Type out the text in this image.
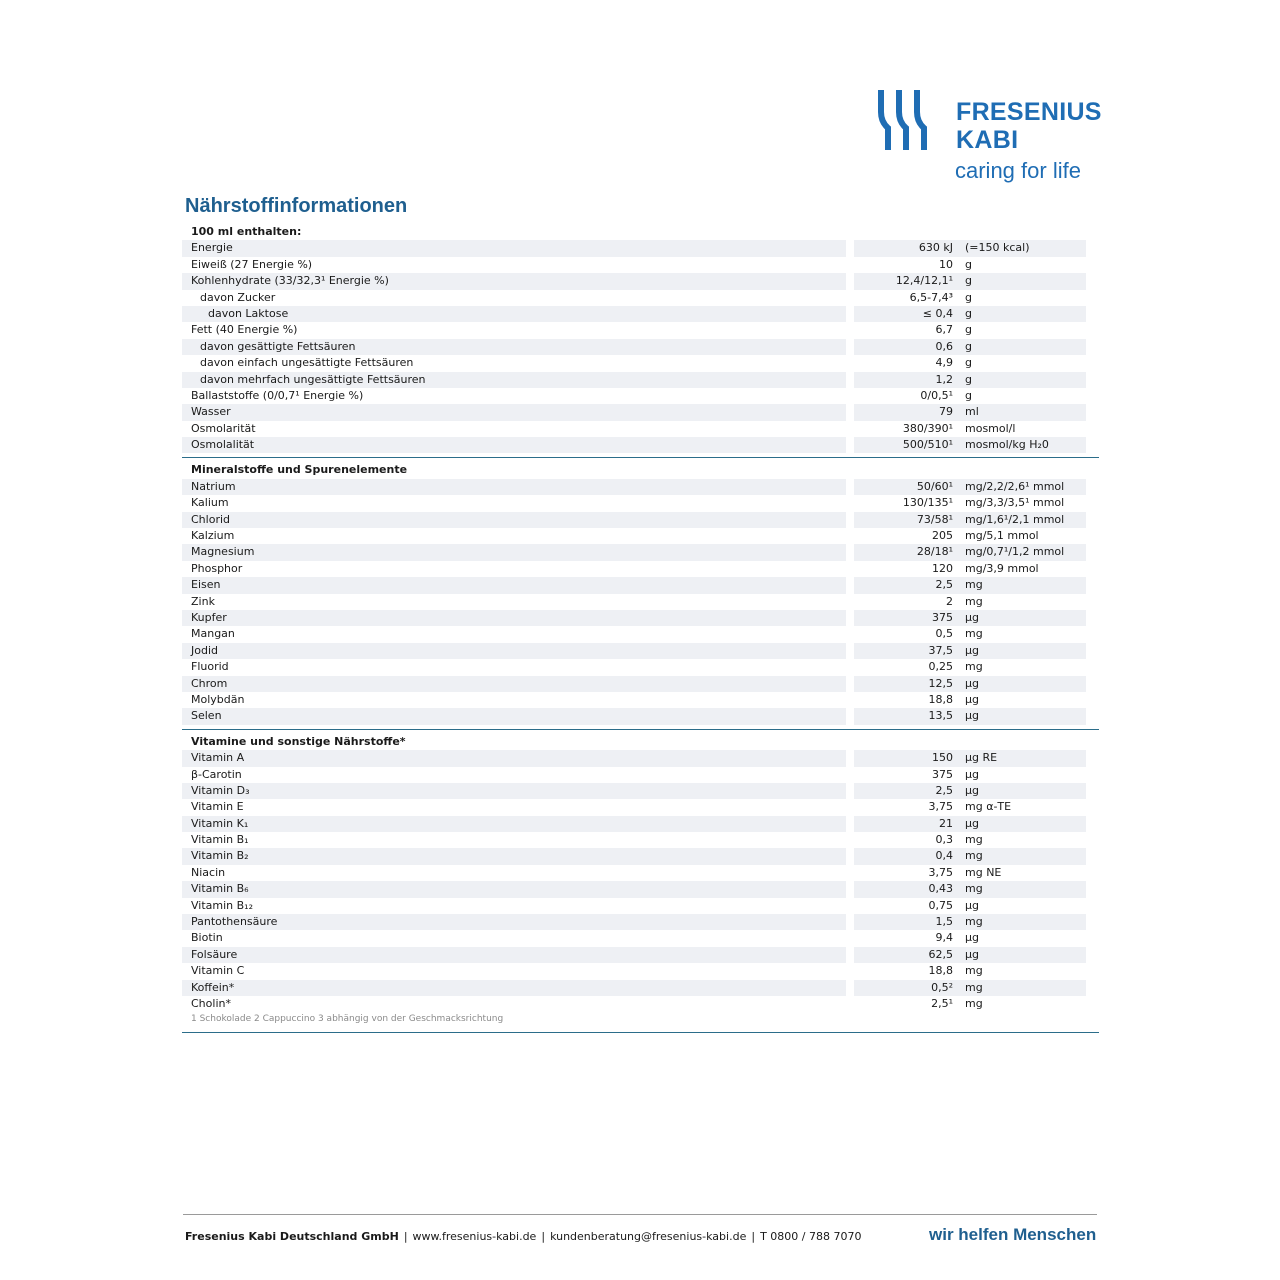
FRESENIUS
KABI
caring for life
Nährstoffinformationen
100 ml enthalten:
Energie	630 kJ	(=150 kcal)
Eiweiß (27 Energie %)	10	g
Kohlenhydrate (33/32,3¹ Energie %)	12,4/12,1¹	g
davon Zucker	6,5-7,4³	g
davon Laktose	≤ 0,4	g
Fett (40 Energie %)	6,7	g
davon gesättigte Fettsäuren	0,6	g
davon einfach ungesättigte Fettsäuren	4,9	g
davon mehrfach ungesättigte Fettsäuren	1,2	g
Ballaststoffe (0/0,7¹ Energie %)	0/0,5¹	g
Wasser	79	ml
Osmolarität	380/390¹	mosmol/l
Osmolalität	500/510¹	mosmol/kg H₂0
Mineralstoffe und Spurenelemente
Natrium	50/60¹	mg/2,2/2,6¹ mmol
Kalium	130/135¹	mg/3,3/3,5¹ mmol
Chlorid	73/58¹	mg/1,6¹/2,1 mmol
Kalzium	205	mg/5,1 mmol
Magnesium	28/18¹	mg/0,7¹/1,2 mmol
Phosphor	120	mg/3,9 mmol
Eisen	2,5	mg
Zink	2	mg
Kupfer	375	µg
Mangan	0,5	mg
Jodid	37,5	µg
Fluorid	0,25	mg
Chrom	12,5	µg
Molybdän	18,8	µg
Selen	13,5	µg
Vitamine und sonstige Nährstoffe*
Vitamin A	150	µg RE
β-Carotin	375	µg
Vitamin D₃	2,5	µg
Vitamin E	3,75	mg α-TE
Vitamin K₁	21	µg
Vitamin B₁	0,3	mg
Vitamin B₂	0,4	mg
Niacin	3,75	mg NE
Vitamin B₆	0,43	mg
Vitamin B₁₂	0,75	µg
Pantothensäure	1,5	mg
Biotin	9,4	µg
Folsäure	62,5	µg
Vitamin C	18,8	mg
Koffein*	0,5²	mg
Cholin*	2,5¹	mg
1 Schokolade 2 Cappuccino 3 abhängig von der Geschmacksrichtung
Fresenius Kabi Deutschland GmbH | www.fresenius-kabi.de | kundenberatung@fresenius-kabi.de | T 0800 / 788 7070	wir helfen Menschen
